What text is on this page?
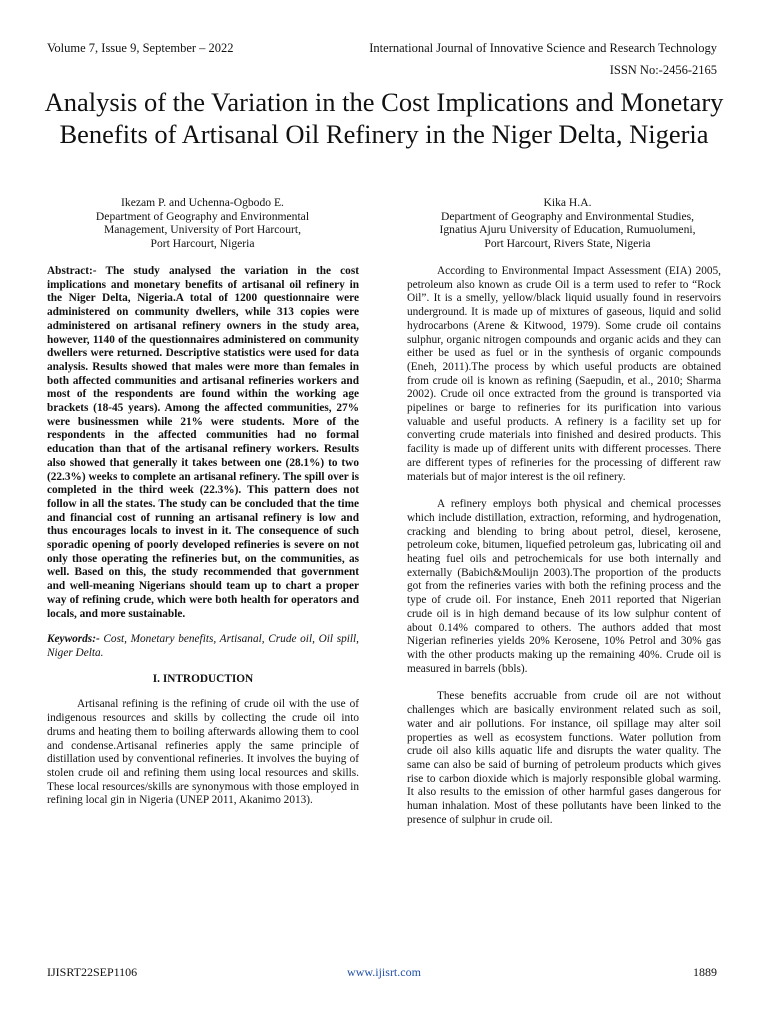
Volume 7, Issue 9, September – 2022	International Journal of Innovative Science and Research Technology
ISSN No:-2456-2165
Analysis of the Variation in the Cost Implications and Monetary Benefits of Artisanal Oil Refinery in the Niger Delta, Nigeria
Ikezam P. and Uchenna-Ogbodo E.
Department of Geography and Environmental
Management, University of Port Harcourt,
Port Harcourt, Nigeria
Kika H.A.
Department of Geography and Environmental Studies,
Ignatius Ajuru University of Education, Rumuolumeni,
Port Harcourt, Rivers State, Nigeria

Abstract:- The study analysed the variation in the cost implications and monetary benefits of artisanal oil refinery in the Niger Delta, Nigeria.A total of 1200 questionnaire were administered on community dwellers, while 313 copies were administered on artisanal refinery owners in the study area, however, 1140 of the questionnaires administered on community dwellers were returned. Descriptive statistics were used for data analysis. Results showed that males were more than females in both affected communities and artisanal refineries workers and most of the respondents are found within the working age brackets (18-45 years). Among the affected communities, 27% were businessmen while 21% were students. More of the respondents in the affected communities had no formal education than that of the artisanal refinery workers. Results also showed that generally it takes between one (28.1%) to two (22.3%) weeks to complete an artisanal refinery. The spill over is completed in the third week (22.3%). This pattern does not follow in all the states. The study can be concluded that the time and financial cost of running an artisanal refinery is low and thus encourages locals to invest in it. The consequence of such sporadic opening of poorly developed refineries is severe on not only those operating the refineries but, on the communities, as well. Based on this, the study recommended that government and well-meaning Nigerians should team up to chart a proper way of refining crude, which were both health for operators and locals, and more sustainable.

Keywords:- Cost, Monetary benefits, Artisanal, Crude oil, Oil spill, Niger Delta.

I. INTRODUCTION

Artisanal refining is the refining of crude oil with the use of indigenous resources and skills by collecting the crude oil into drums and heating them to boiling afterwards allowing them to cool and condense.Artisanal refineries apply the same principle of distillation used by conventional refineries. It involves the buying of stolen crude oil and refining them using local resources and skills. These local resources/skills are synonymous with those employed in refining local gin in Nigeria (UNEP 2011, Akanimo 2013).

According to Environmental Impact Assessment (EIA) 2005, petroleum also known as crude Oil is a term used to refer to “Rock Oil”. It is a smelly, yellow/black liquid usually found in reservoirs underground. It is made up of mixtures of gaseous, liquid and solid hydrocarbons (Arene & Kitwood, 1979). Some crude oil contains sulphur, organic nitrogen compounds and organic acids and they can either be used as fuel or in the synthesis of organic compounds (Eneh, 2011).The process by which useful products are obtained from crude oil is known as refining (Saepudin, et al., 2010; Sharma 2002). Crude oil once extracted from the ground is transported via pipelines or barge to refineries for its purification into various valuable and useful products. A refinery is a facility set up for converting crude materials into finished and desired products. This facility is made up of different units with different processes. There are different types of refineries for the processing of different raw materials but of major interest is the oil refinery.

A refinery employs both physical and chemical processes which include distillation, extraction, reforming, and hydrogenation, cracking and blending to bring about petrol, diesel, kerosene, petroleum coke, bitumen, liquefied petroleum gas, lubricating oil and heating fuel oils and petrochemicals for use both internally and externally (Babich&Moulijn 2003).The proportion of the products got from the refineries varies with both the refining process and the type of crude oil. For instance, Eneh 2011 reported that Nigerian crude oil is in high demand because of its low sulphur content of about 0.14% compared to others. The authors added that most Nigerian refineries yields 20% Kerosene, 10% Petrol and 30% gas with the other products making up the remaining 40%. Crude oil is measured in barrels (bbls).

These benefits accruable from crude oil are not without challenges which are basically environment related such as soil, water and air pollutions. For instance, oil spillage may alter soil properties as well as ecosystem functions. Water pollution from crude oil also kills aquatic life and disrupts the water quality. The same can also be said of burning of petroleum products which gives rise to carbon dioxide which is majorly responsible global warming. It also results to the emission of other harmful gases dangerous for human inhalation. Most of these pollutants have been linked to the presence of sulphur in crude oil.

IJISRT22SEP1106	www.ijisrt.com	1889
